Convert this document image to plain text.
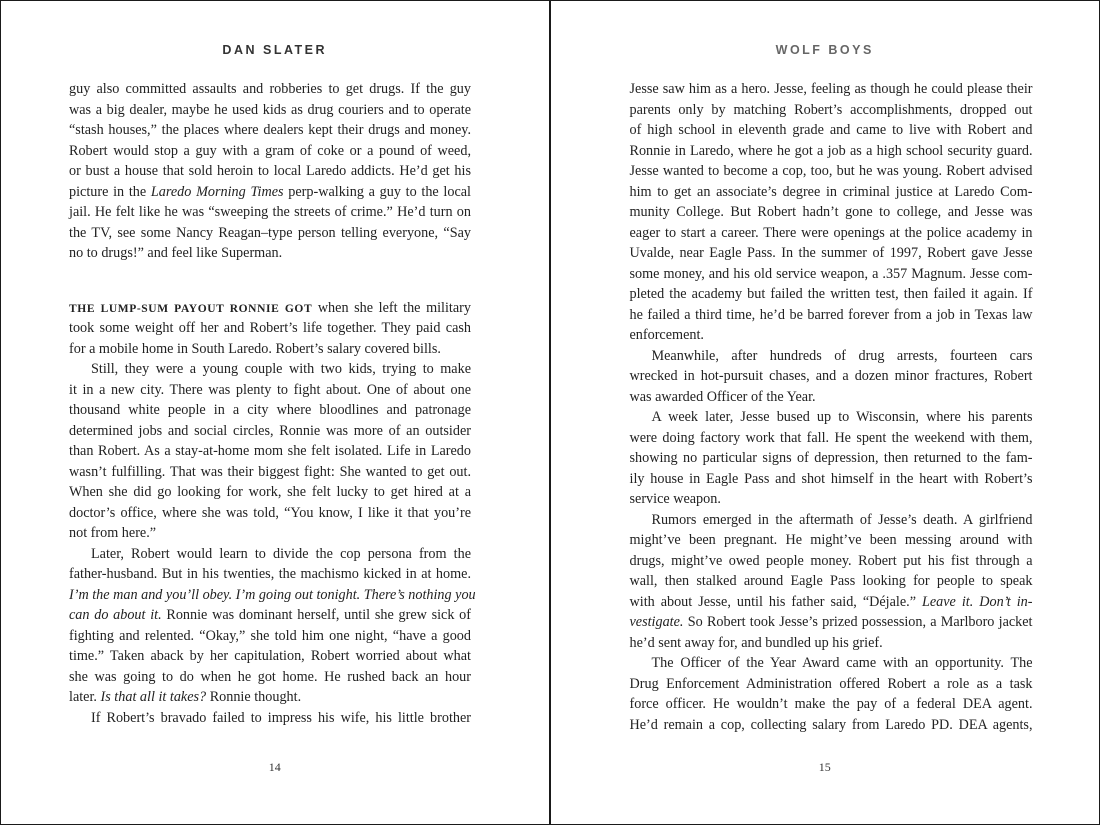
DAN SLATER
guy also committed assaults and robberies to get drugs. If the guy
was a big dealer, maybe he used kids as drug couriers and to operate
“stash houses,” the places where dealers kept their drugs and money.
Robert would stop a guy with a gram of coke or a pound of weed,
or bust a house that sold heroin to local Laredo addicts. He’d get his
picture in the Laredo Morning Times perp-walking a guy to the local
jail. He felt like he was “sweeping the streets of crime.” He’d turn on
the TV, see some Nancy Reagan–type person telling everyone, “Say
no to drugs!” and feel like Superman.
THE LUMP-SUM PAYOUT RONNIE GOT when she left the military
took some weight off her and Robert’s life together. They paid cash
for a mobile home in South Laredo. Robert’s salary covered bills.
Still, they were a young couple with two kids, trying to make
it in a new city. There was plenty to fight about. One of about one
thousand white people in a city where bloodlines and patronage
determined jobs and social circles, Ronnie was more of an outsider
than Robert. As a stay-at-home mom she felt isolated. Life in Laredo
wasn’t fulfilling. That was their biggest fight: She wanted to get out.
When she did go looking for work, she felt lucky to get hired at a
doctor’s office, where she was told, “You know, I like it that you’re
not from here.”
Later, Robert would learn to divide the cop persona from the
father-husband. But in his twenties, the machismo kicked in at home.
I’m the man and you’ll obey. I’m going out tonight. There’s nothing you
can do about it. Ronnie was dominant herself, until she grew sick of
fighting and relented. “Okay,” she told him one night, “have a good
time.” Taken aback by her capitulation, Robert worried about what
she was going to do when he got home. He rushed back an hour
later. Is that all it takes? Ronnie thought.
If Robert’s bravado failed to impress his wife, his little brother
14
WOLF BOYS
Jesse saw him as a hero. Jesse, feeling as though he could please their
parents only by matching Robert’s accomplishments, dropped out
of high school in eleventh grade and came to live with Robert and
Ronnie in Laredo, where he got a job as a high school security guard.
Jesse wanted to become a cop, too, but he was young. Robert advised
him to get an associate’s degree in criminal justice at Laredo Com-
munity College. But Robert hadn’t gone to college, and Jesse was
eager to start a career. There were openings at the police academy in
Uvalde, near Eagle Pass. In the summer of 1997, Robert gave Jesse
some money, and his old service weapon, a .357 Magnum. Jesse com-
pleted the academy but failed the written test, then failed it again. If
he failed a third time, he’d be barred forever from a job in Texas law
enforcement.
Meanwhile, after hundreds of drug arrests, fourteen cars
wrecked in hot-pursuit chases, and a dozen minor fractures, Robert
was awarded Officer of the Year.
A week later, Jesse bused up to Wisconsin, where his parents
were doing factory work that fall. He spent the weekend with them,
showing no particular signs of depression, then returned to the fam-
ily house in Eagle Pass and shot himself in the heart with Robert’s
service weapon.
Rumors emerged in the aftermath of Jesse’s death. A girlfriend
might’ve been pregnant. He might’ve been messing around with
drugs, might’ve owed people money. Robert put his fist through a
wall, then stalked around Eagle Pass looking for people to speak
with about Jesse, until his father said, “Déjale.” Leave it. Don’t in-
vestigate. So Robert took Jesse’s prized possession, a Marlboro jacket
he’d sent away for, and bundled up his grief.
The Officer of the Year Award came with an opportunity. The
Drug Enforcement Administration offered Robert a role as a task
force officer. He wouldn’t make the pay of a federal DEA agent.
He’d remain a cop, collecting salary from Laredo PD. DEA agents,
15
